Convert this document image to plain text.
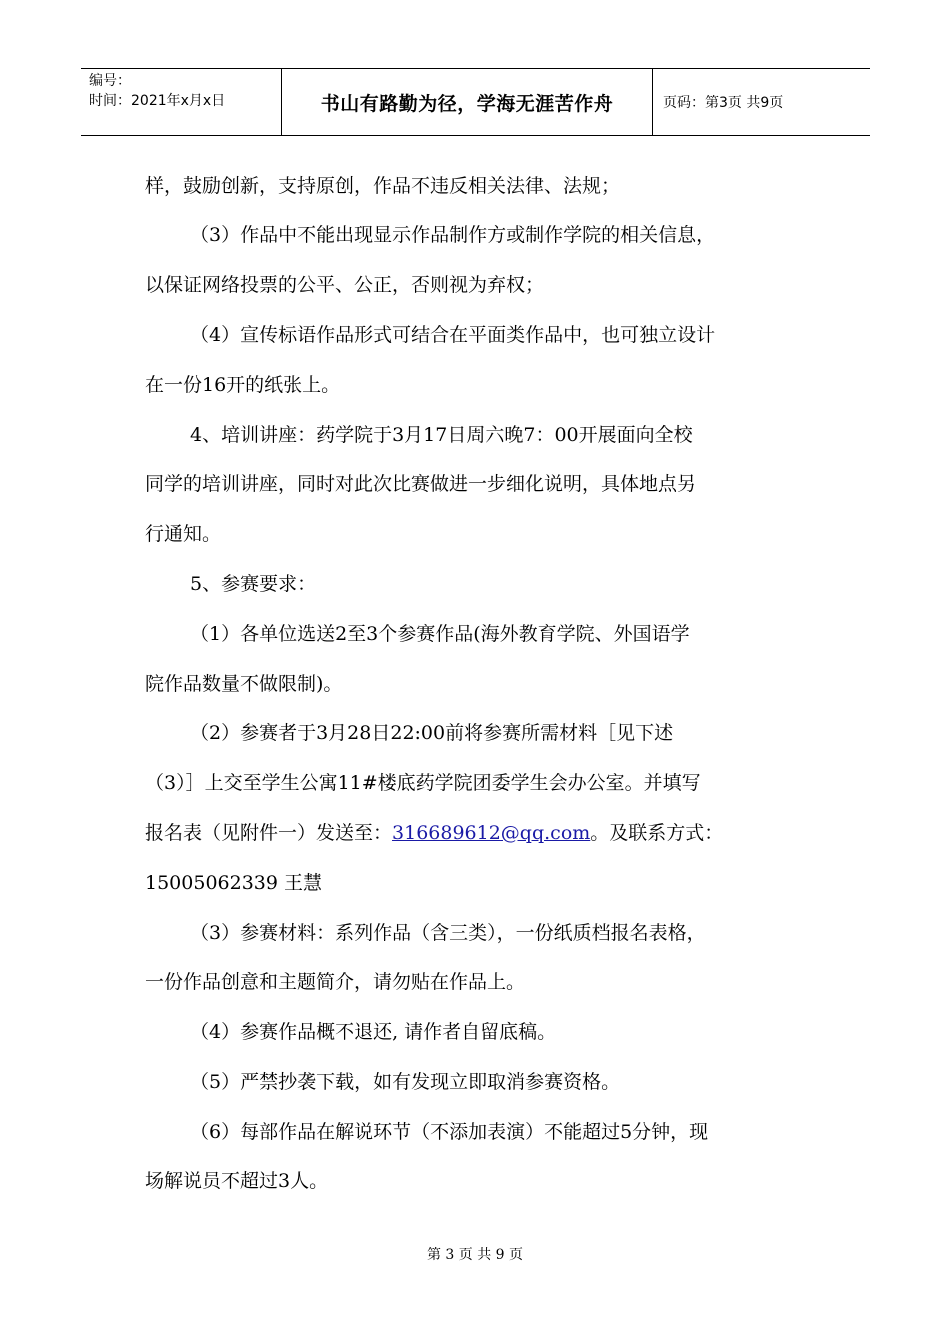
编号：
时间：2021年x月x日	书山有路勤为径，学海无涯苦作舟	页码：第3页 共9页
样，鼓励创新，支持原创，作品不违反相关法律、法规；
（3）作品中不能出现显示作品制作方或制作学院的相关信息，
以保证网络投票的公平、公正，否则视为弃权；
（4）宣传标语作品形式可结合在平面类作品中，也可独立设计
在一份16开的纸张上。
4、培训讲座：药学院于3月17日周六晚7：00开展面向全校
同学的培训讲座，同时对此次比赛做进一步细化说明，具体地点另
行通知。
5、参赛要求：
（1）各单位选送2至3个参赛作品(海外教育学院、外国语学
院作品数量不做限制)。
（2）参赛者于3月28日22:00前将参赛所需材料［见下述
（3）］上交至学生公寓11#楼底药学院团委学生会办公室。并填写
报名表（见附件一）发送至：316689612@qq.com。及联系方式：
15005062339 王慧
（3）参赛材料：系列作品（含三类），一份纸质档报名表格，
一份作品创意和主题简介，请勿贴在作品上。
（4）参赛作品概不退还, 请作者自留底稿。
（5）严禁抄袭下载，如有发现立即取消参赛资格。
（6）每部作品在解说环节（不添加表演）不能超过5分钟，现
场解说员不超过3人。
第 3 页 共 9 页
